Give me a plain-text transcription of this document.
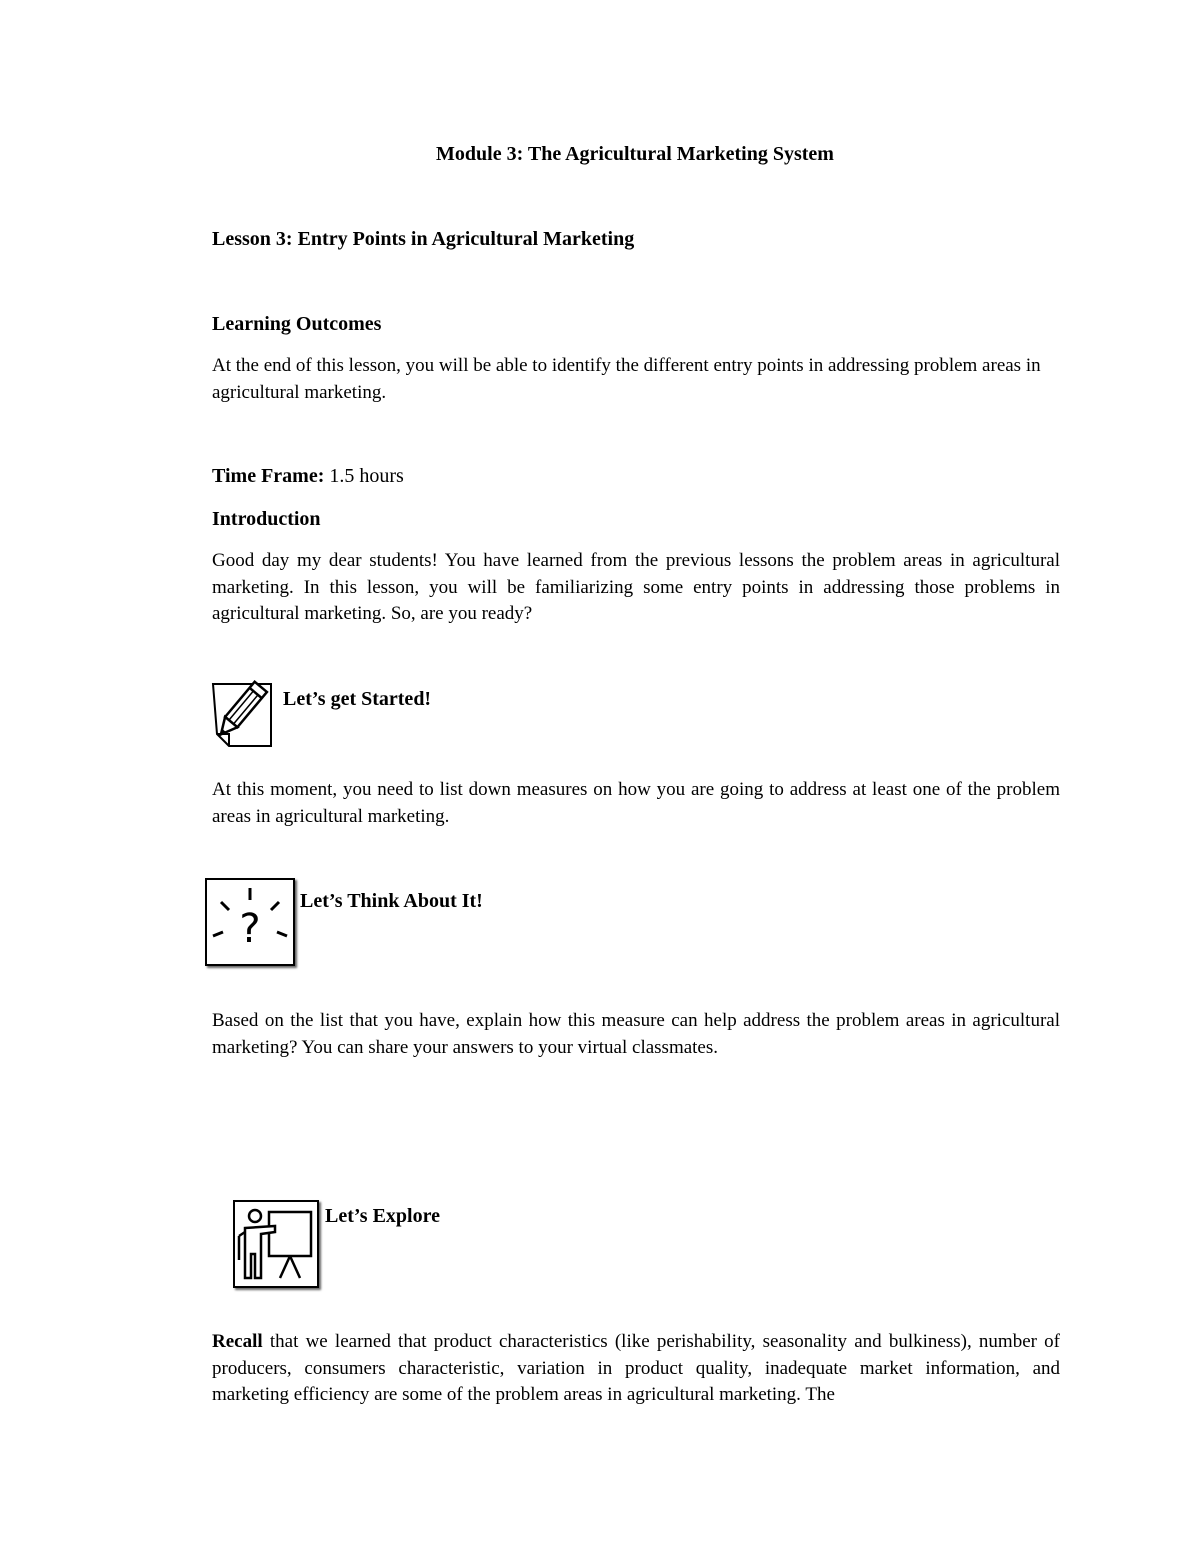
Module 3: The Agricultural Marketing System
Lesson 3: Entry Points in Agricultural Marketing
Learning Outcomes
At the end of this lesson, you will be able to identify the different entry points in addressing problem areas in agricultural marketing.
Time Frame: 1.5 hours
Introduction
Good day my dear students! You have learned from the previous lessons the problem areas in agricultural marketing. In this lesson, you will be familiarizing some entry points in addressing those problems in agricultural marketing. So, are you ready?
Let’s get Started!
At this moment, you need to list down measures on how you are going to address at least one of the problem areas in agricultural marketing.
?
Let’s Think About It!
Based on the list that you have, explain how this measure can help address the problem areas in agricultural marketing? You can share your answers to your virtual classmates.
Let’s Explore
Recall that we learned that product characteristics (like perishability, seasonality and bulkiness), number of producers, consumers characteristic, variation in product quality, inadequate market information, and marketing efficiency are some of the problem areas in agricultural marketing. The
